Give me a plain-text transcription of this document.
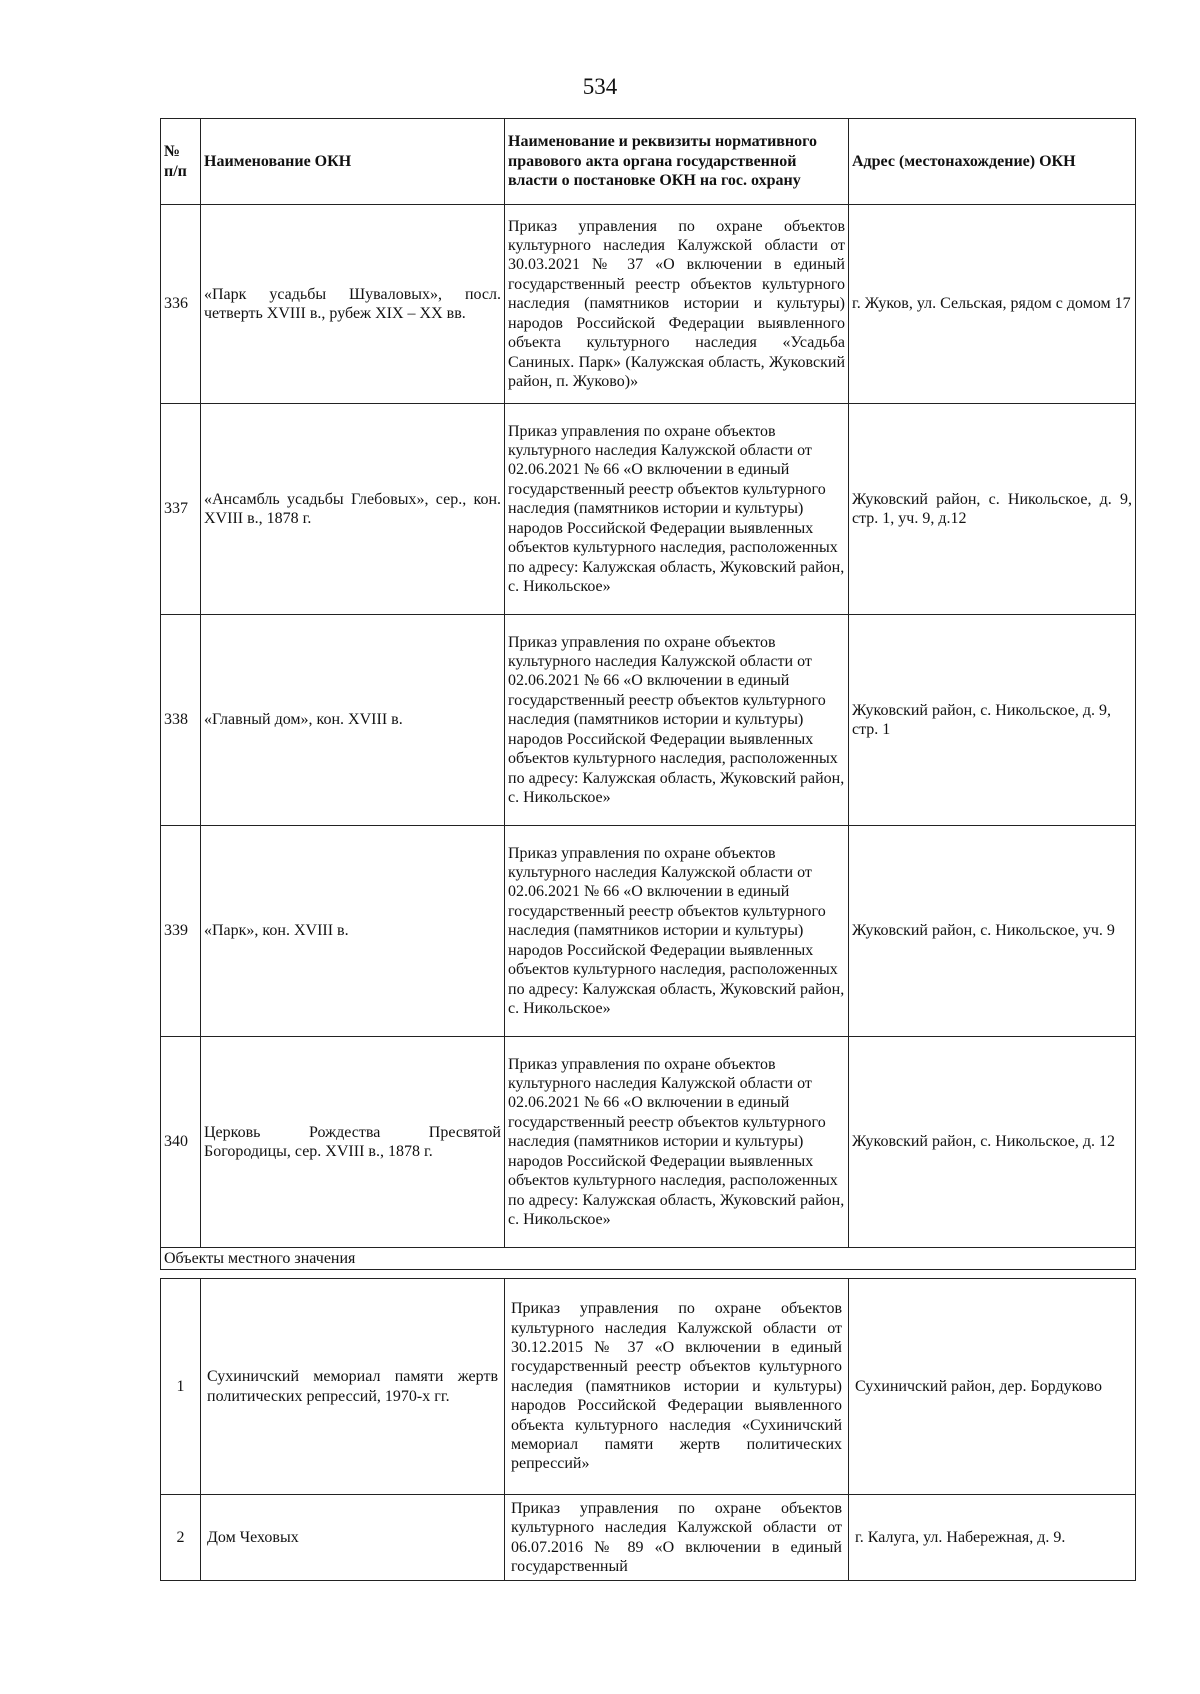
534
№ п/п	Наименование ОКН	Наименование и реквизиты нормативного правового акта органа государственной власти о постановке ОКН на гос. охрану	Адрес (местонахождение) ОКН
336	«Парк усадьбы Шуваловых», посл. четверть XVIII в., рубеж XIX – XX вв.	Приказ управления по охране объектов культурного наследия Калужской области от 30.03.2021 № 37 «О включении в единый государственный реестр объектов культурного наследия (памятников истории и культуры) народов Российской Федерации выявленного объекта культурного наследия «Усадьба Саниных. Парк» (Калужская область, Жуковский район, п. Жуково)»	г. Жуков, ул. Сельская, рядом с домом 17
337	«Ансамбль усадьбы Глебовых», сер., кон. XVIII в., 1878 г.	Приказ управления по охране объектов культурного наследия Калужской области от 02.06.2021 № 66 «О включении в единый государственный реестр объектов культурного наследия (памятников истории и культуры) народов Российской Федерации выявленных объектов культурного наследия, расположенных по адресу: Калужская область, Жуковский район, с. Никольское»	Жуковский район, с. Никольское, д. 9, стр. 1, уч. 9, д.12
338	«Главный дом», кон. XVIII в.	Приказ управления по охране объектов культурного наследия Калужской области от 02.06.2021 № 66 «О включении в единый государственный реестр объектов культурного наследия (памятников истории и культуры) народов Российской Федерации выявленных объектов культурного наследия, расположенных по адресу: Калужская область, Жуковский район, с. Никольское»	Жуковский район, с. Никольское, д. 9, стр. 1
339	«Парк», кон. XVIII в.	Приказ управления по охране объектов культурного наследия Калужской области от 02.06.2021 № 66 «О включении в единый государственный реестр объектов культурного наследия (памятников истории и культуры) народов Российской Федерации выявленных объектов культурного наследия, расположенных по адресу: Калужская область, Жуковский район, с. Никольское»	Жуковский район, с. Никольское, уч. 9
340	Церковь Рождества Пресвятой Богородицы, сер. XVIII в., 1878 г.	Приказ управления по охране объектов культурного наследия Калужской области от 02.06.2021 № 66 «О включении в единый государственный реестр объектов культурного наследия (памятников истории и культуры) народов Российской Федерации выявленных объектов культурного наследия, расположенных по адресу: Калужская область, Жуковский район, с. Никольское»	Жуковский район, с. Никольское, д. 12
Объекты местного значения			
1	Сухиничский мемориал памяти жертв политических репрессий, 1970-х гг.	Приказ управления по охране объектов культурного наследия Калужской области от 30.12.2015 № 37 «О включении в единый государственный реестр объектов культурного наследия (памятников истории и культуры) народов Российской Федерации выявленного объекта культурного наследия «Сухиничский мемориал памяти жертв политических репрессий»	Сухиничский район, дер. Бордуково
2	Дом Чеховых	Приказ управления по охране объектов культурного наследия Калужской области от 06.07.2016 № 89 «О включении в единый государственный	г. Калуга, ул. Набережная, д. 9.
